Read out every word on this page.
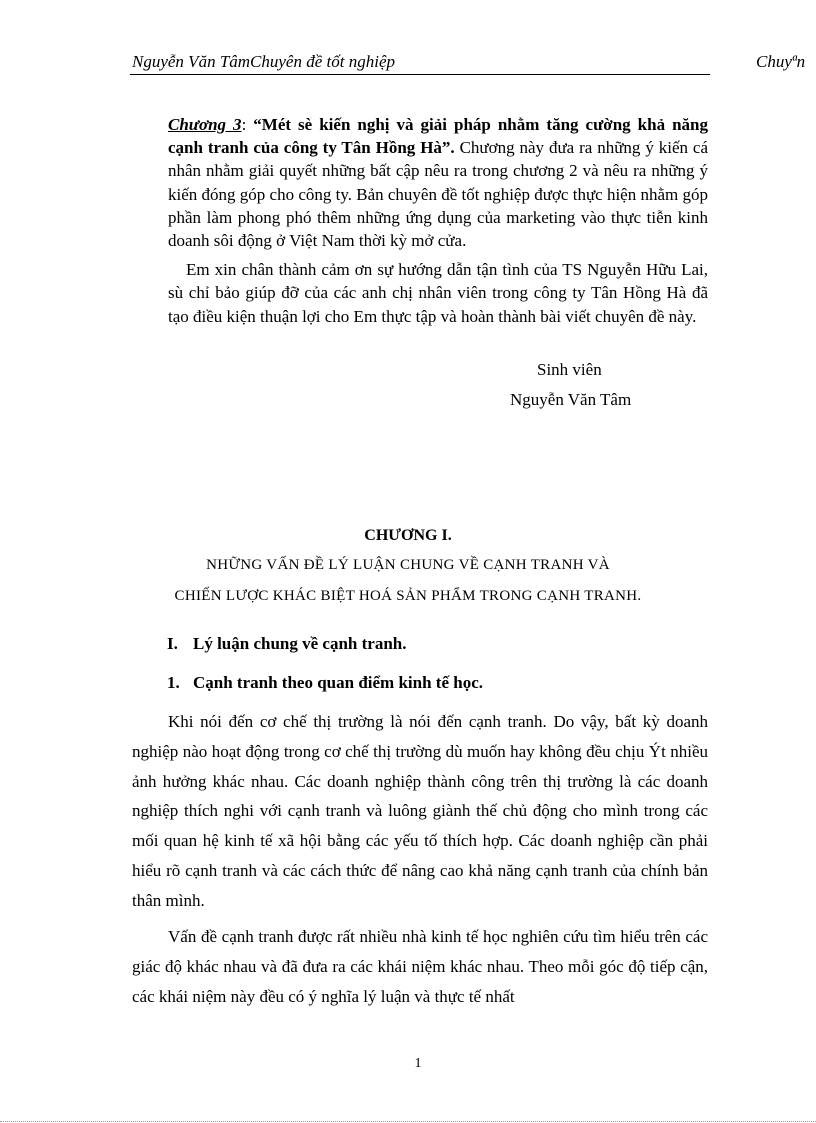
Nguyễn Văn TâmChuyên đề tốt nghiệp	Chuyªn

Chương 3: “Mét sè kiến nghị và giải pháp nhằm tăng cường khả năng cạnh tranh của công ty Tân Hồng Hà”. Chương này đưa ra những ý kiến cá nhân nhằm giải quyết những bất cập nêu ra trong chương 2 và nêu ra những ý kiến đóng góp cho công ty. Bản chuyên đề tốt nghiệp được thực hiện nhằm góp phần làm phong phó thêm những ứng dụng của marketing vào thực tiễn kinh doanh sôi động ở Việt Nam thời kỳ mở cửa.

Em xin chân thành cảm ơn sự hướng dẫn tận tình của TS Nguyễn Hữu Lai, sù chỉ bảo giúp đỡ của các anh chị nhân viên trong công ty Tân Hồng Hà đã tạo điều kiện thuận lợi cho Em thực tập và hoàn thành bài viết chuyên đề này.

Sinh viên
Nguyễn Văn Tâm
CHƯƠNG I.
NHỮNG VẤN ĐỀ LÝ LUẬN CHUNG VỀ CẠNH TRANH VÀ
CHIẾN LƯỢC KHÁC BIỆT HOÁ SẢN PHẨM TRONG CẠNH TRANH.
I. Lý luận chung về cạnh tranh.
1. Cạnh tranh theo quan điểm kinh tế học.

Khi nói đến cơ chế thị trường là nói đến cạnh tranh. Do vậy, bất kỳ doanh nghiệp nào hoạt động trong cơ chế thị trường dù muốn hay không đều chịu Ýt nhiều ảnh hưởng khác nhau. Các doanh nghiệp thành công trên thị trường là các doanh nghiệp thích nghi với cạnh tranh và luông giành thế chủ động cho mình trong các mối quan hệ kinh tế xã hội bằng các yếu tố thích hợp. Các doanh nghiệp cần phải hiểu rõ cạnh tranh và các cách thức để nâng cao khả năng cạnh tranh của chính bản thân mình.

Vấn đề cạnh tranh được rất nhiều nhà kinh tế học nghiên cứu tìm hiểu trên các giác độ khác nhau và đã đưa ra các khái niệm khác nhau. Theo mỗi góc độ tiếp cận, các khái niệm này đều có ý nghĩa lý luận và thực tế nhất

1
